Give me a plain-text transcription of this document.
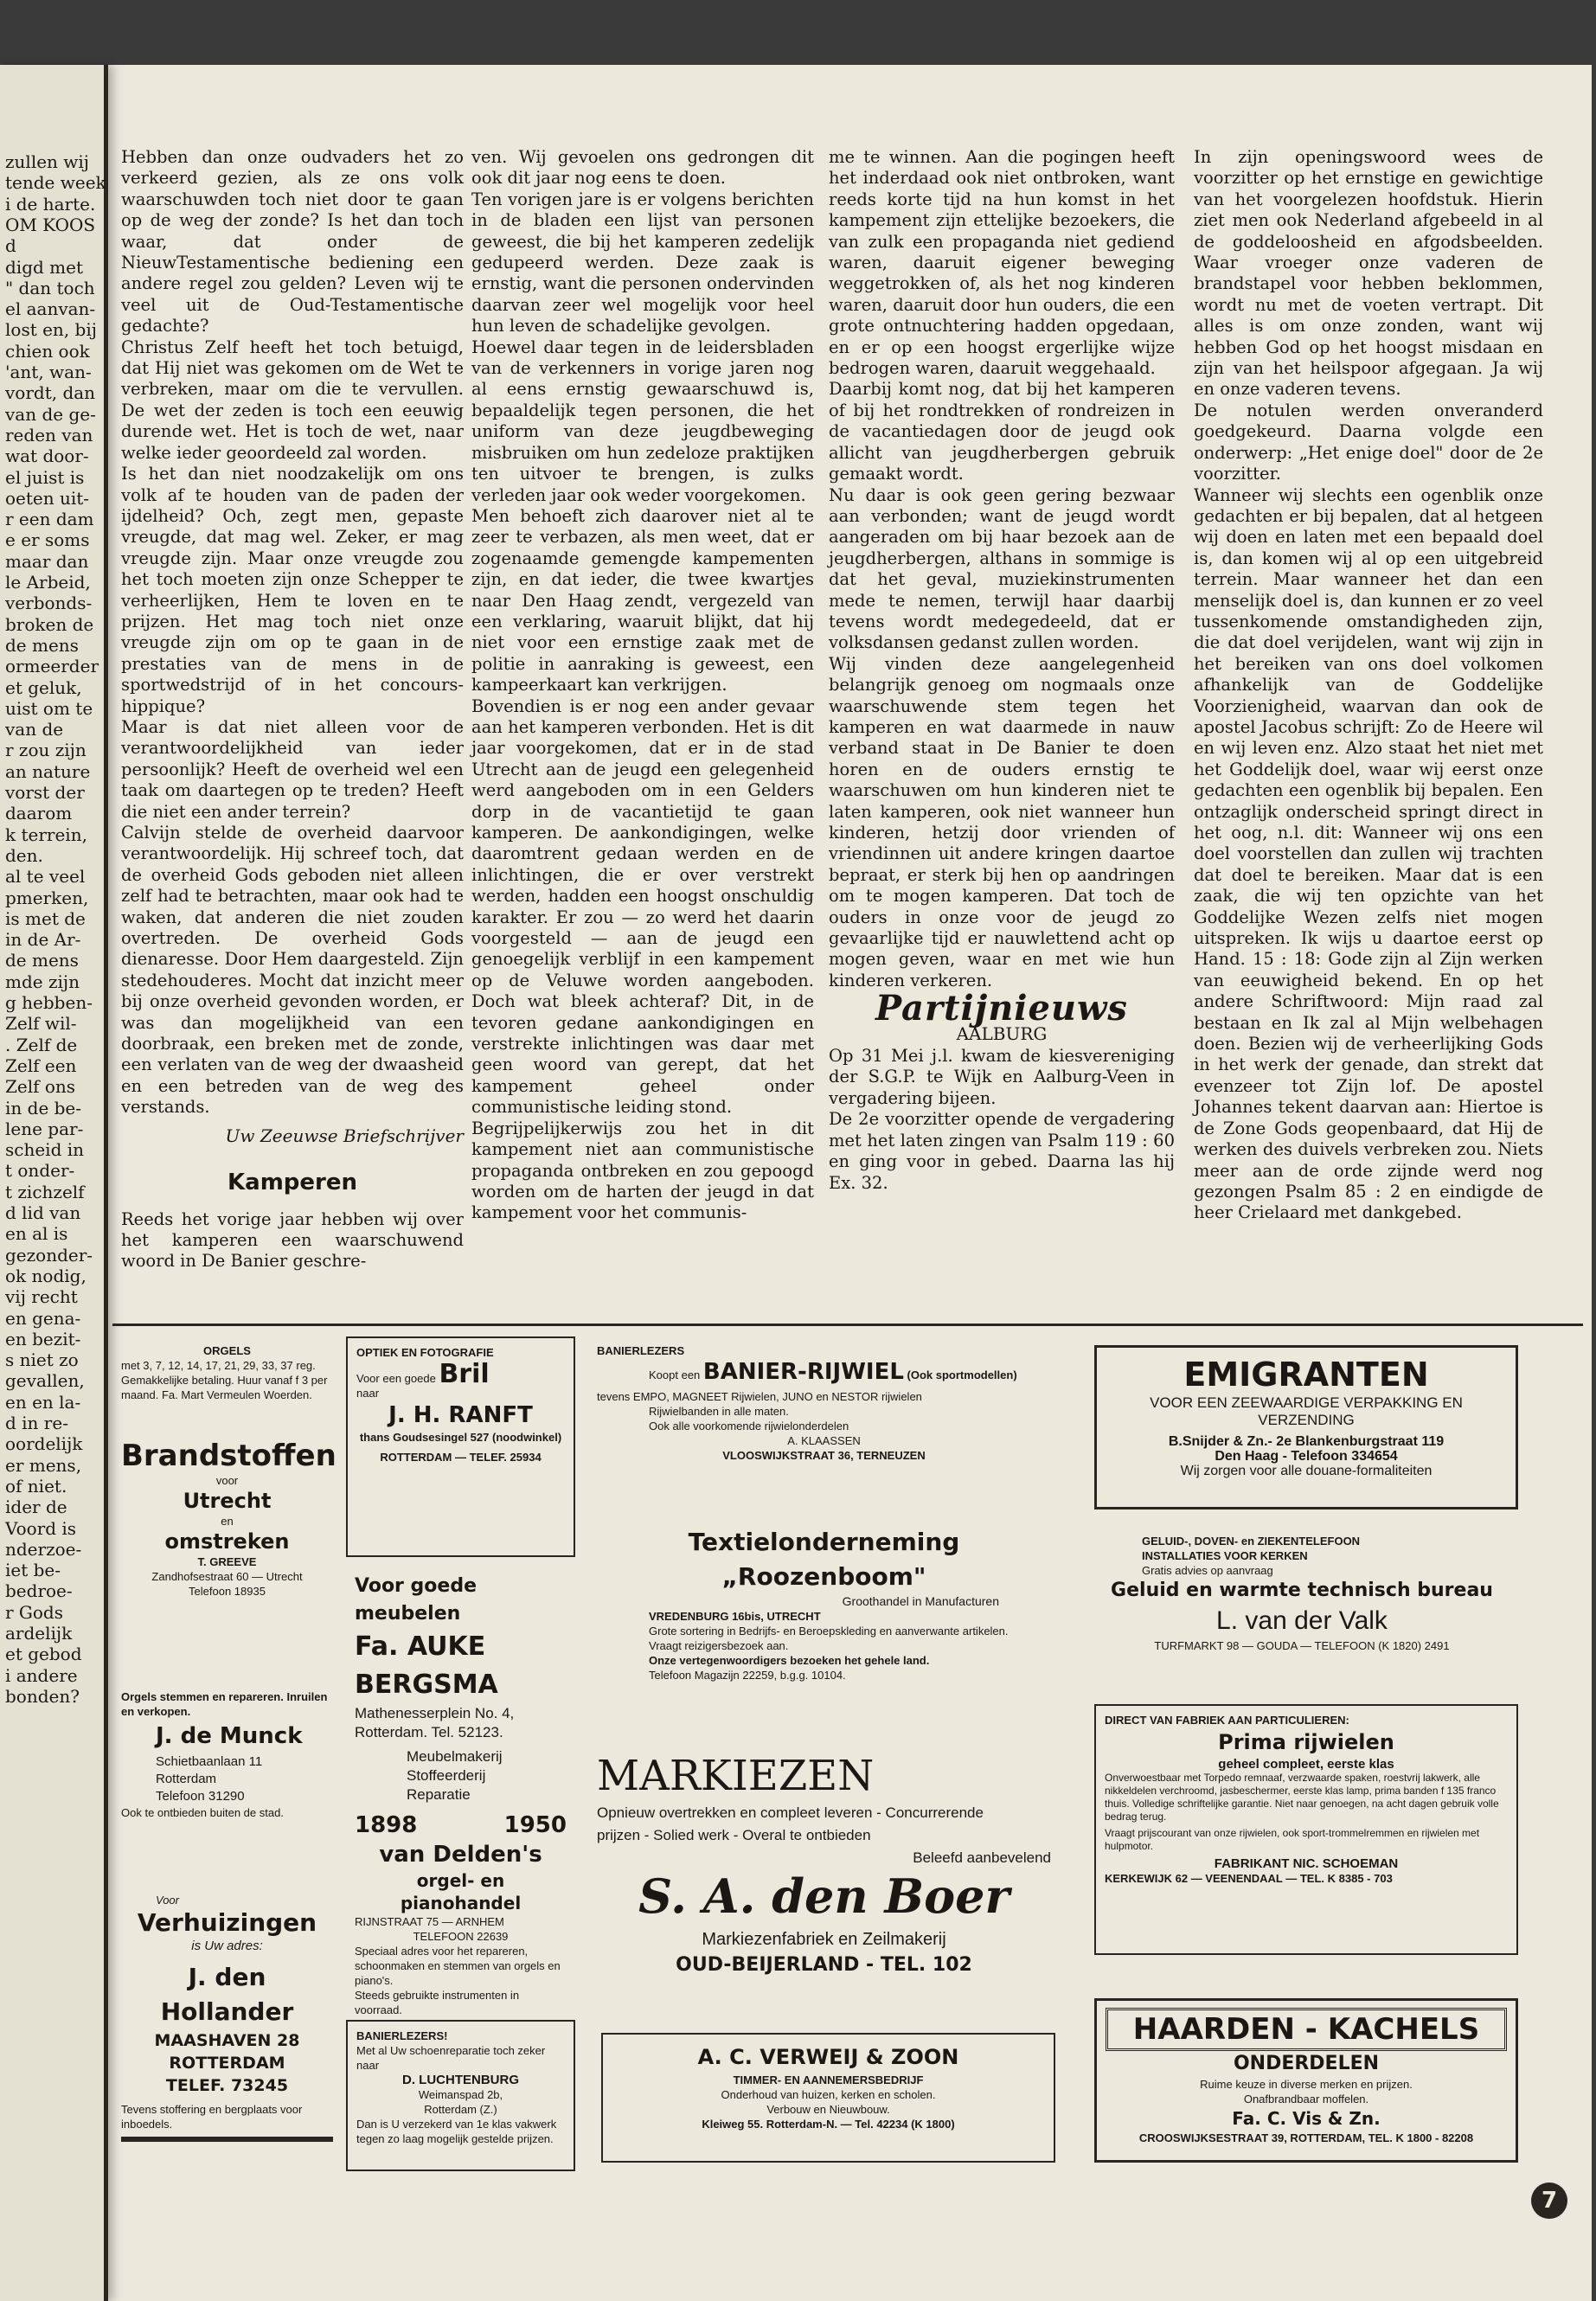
zullen wij
tende week
i de harte.
OM KOOS
d
digd met
" dan toch
el aanvan-
lost en, bij
chien ook
'ant, wan-
vordt, dan
van de ge-
reden van
wat door-
el juist is
oeten uit-
r een dam
e er soms
maar dan
le Arbeid,
verbonds-
broken de
de mens
ormeerder
et geluk,
uist om te
van de
r zou zijn
an nature
vorst der
daarom
k terrein,
den.
al te veel
pmerken,
is met de
in de Ar-
de mens
mde zijn
g hebben-
Zelf wil-
. Zelf de
Zelf een
Zelf ons
in de be-
lene par-
scheid in
t onder-
t zichzelf
d lid van
en al is
gezonder-
ok nodig,
vij recht
en gena-
en bezit-
s niet zo
gevallen,
en en la-
d in re-
oordelijk
er mens,
of niet.
ider de
Voord is
nderzoe-
iet be-
bedroe-
r Gods
ardelijk
et gebod
i andere
bonden?

Hebben dan onze oudvaders het zo verkeerd gezien, als ze ons volk waarschuwden toch niet door te gaan op de weg der zonde? Is het dan toch waar, dat onder de NieuwTestamentische bediening een andere regel zou gelden? Leven wij te veel uit de Oud-Testamentische gedachte?

Christus Zelf heeft het toch betuigd, dat Hij niet was gekomen om de Wet te verbreken, maar om die te vervullen. De wet der zeden is toch een eeuwig durende wet. Het is toch de wet, naar welke ieder geoordeeld zal worden.

Is het dan niet noodzakelijk om ons volk af te houden van de paden der ijdelheid? Och, zegt men, gepaste vreugde, dat mag wel. Zeker, er mag vreugde zijn. Maar onze vreugde zou het toch moeten zijn onze Schepper te verheerlijken, Hem te loven en te prijzen. Het mag toch niet onze vreugde zijn om op te gaan in de prestaties van de mens in de sportwedstrijd of in het concours-hippique?

Maar is dat niet alleen voor de verantwoordelijkheid van ieder persoonlijk? Heeft de overheid wel een taak om daartegen op te treden? Heeft die niet een ander terrein?

Calvijn stelde de overheid daarvoor verantwoordelijk. Hij schreef toch, dat de overheid Gods geboden niet alleen zelf had te betrachten, maar ook had te waken, dat anderen die niet zouden overtreden. De overheid Gods dienaresse. Door Hem daargesteld. Zijn stedehouderes. Mocht dat inzicht meer bij onze overheid gevonden worden, er was dan mogelijkheid van een doorbraak, een breken met de zonde, een verlaten van de weg der dwaasheid en een betreden van de weg des verstands.

Uw Zeeuwse Briefschrijver
Kamperen

Reeds het vorige jaar hebben wij over het kamperen een waarschuwend woord in De Banier geschre-

ven. Wij gevoelen ons gedrongen dit ook dit jaar nog eens te doen.

Ten vorigen jare is er volgens berichten in de bladen een lijst van personen geweest, die bij het kamperen zedelijk gedupeerd werden. Deze zaak is ernstig, want die personen ondervinden daarvan zeer wel mogelijk voor heel hun leven de schadelijke gevolgen.

Hoewel daar tegen in de leidersbladen van de verkenners in vorige jaren nog al eens ernstig gewaarschuwd is, bepaaldelijk tegen personen, die het uniform van deze jeugdbeweging misbruiken om hun zedeloze praktijken ten uitvoer te brengen, is zulks verleden jaar ook weder voorgekomen.

Men behoeft zich daarover niet al te zeer te verbazen, als men weet, dat er zogenaamde gemengde kampementen zijn, en dat ieder, die twee kwartjes naar Den Haag zendt, vergezeld van een verklaring, waaruit blijkt, dat hij niet voor een ernstige zaak met de politie in aanraking is geweest, een kampeerkaart kan verkrijgen.

Bovendien is er nog een ander gevaar aan het kamperen verbonden. Het is dit jaar voorgekomen, dat er in de stad Utrecht aan de jeugd een gelegenheid werd aangeboden om in een Gelders dorp in de vacantietijd te gaan kamperen. De aankondigingen, welke daaromtrent gedaan werden en de inlichtingen, die er over verstrekt werden, hadden een hoogst onschuldig karakter. Er zou — zo werd het daarin voorgesteld — aan de jeugd een genoegelijk verblijf in een kampement op de Veluwe worden aangeboden. Doch wat bleek achteraf? Dit, in de tevoren gedane aankondigingen en verstrekte inlichtingen was daar met geen woord van gerept, dat het kampement geheel onder communistische leiding stond.

Begrijpelijkerwijs zou het in dit kampement niet aan communistische propaganda ontbreken en zou gepoogd worden om de harten der jeugd in dat kampement voor het communis-

me te winnen. Aan die pogingen heeft het inderdaad ook niet ontbroken, want reeds korte tijd na hun komst in het kampement zijn ettelijke bezoekers, die van zulk een propaganda niet gediend waren, daaruit eigener beweging weggetrokken of, als het nog kinderen waren, daaruit door hun ouders, die een grote ontnuchtering hadden opgedaan, en er op een hoogst ergerlijke wijze bedrogen waren, daaruit weggehaald.

Daarbij komt nog, dat bij het kamperen of bij het rondtrekken of rondreizen in de vacantiedagen door de jeugd ook allicht van jeugdherbergen gebruik gemaakt wordt.

Nu daar is ook geen gering bezwaar aan verbonden; want de jeugd wordt aangeraden om bij haar bezoek aan de jeugdherbergen, althans in sommige is dat het geval, muziekinstrumenten mede te nemen, terwijl haar daarbij tevens wordt medegedeeld, dat er volksdansen gedanst zullen worden.

Wij vinden deze aangelegenheid belangrijk genoeg om nogmaals onze waarschuwende stem tegen het kamperen en wat daarmede in nauw verband staat in De Banier te doen horen en de ouders ernstig te waarschuwen om hun kinderen niet te laten kamperen, ook niet wanneer hun kinderen, hetzij door vrienden of vriendinnen uit andere kringen daartoe bepraat, er sterk bij hen op aandringen om te mogen kamperen. Dat toch de ouders in onze voor de jeugd zo gevaarlijke tijd er nauwlettend acht op mogen geven, waar en met wie hun kinderen verkeren.

Partijnieuws
AALBURG

Op 31 Mei j.l. kwam de kiesvereniging der S.G.P. te Wijk en Aalburg-Veen in vergadering bijeen.

De 2e voorzitter opende de vergadering met het laten zingen van Psalm 119 : 60 en ging voor in gebed. Daarna las hij Ex. 32.

In zijn openingswoord wees de voorzitter op het ernstige en gewichtige van het voorgelezen hoofdstuk. Hierin ziet men ook Nederland afgebeeld in al de goddeloosheid en afgodsbeelden. Waar vroeger onze vaderen de brandstapel voor hebben beklommen, wordt nu met de voeten vertrapt. Dit alles is om onze zonden, want wij hebben God op het hoogst misdaan en zijn van het heilspoor afgegaan. Ja wij en onze vaderen tevens.

De notulen werden onveranderd goedgekeurd. Daarna volgde een onderwerp: „Het enige doel" door de 2e voorzitter.

Wanneer wij slechts een ogenblik onze gedachten er bij bepalen, dat al hetgeen wij doen en laten met een bepaald doel is, dan komen wij al op een uitgebreid terrein. Maar wanneer het dan een menselijk doel is, dan kunnen er zo veel tussenkomende omstandigheden zijn, die dat doel verijdelen, want wij zijn in het bereiken van ons doel volkomen afhankelijk van de Goddelijke Voorzienigheid, waarvan dan ook de apostel Jacobus schrijft: Zo de Heere wil en wij leven enz. Alzo staat het niet met het Goddelijk doel, waar wij eerst onze gedachten een ogenblik bij bepalen. Een ontzaglijk onderscheid springt direct in het oog, n.l. dit: Wanneer wij ons een doel voorstellen dan zullen wij trachten dat doel te bereiken. Maar dat is een zaak, die wij ten opzichte van het Goddelijke Wezen zelfs niet mogen uitspreken. Ik wijs u daartoe eerst op Hand. 15 : 18: Gode zijn al Zijn werken van eeuwigheid bekend. En op het andere Schriftwoord: Mijn raad zal bestaan en Ik zal al Mijn welbehagen doen. Bezien wij de verheerlijking Gods in het werk der genade, dan strekt dat evenzeer tot Zijn lof. De apostel Johannes tekent daarvan aan: Hiertoe is de Zone Gods geopenbaard, dat Hij de werken des duivels verbreken zou. Niets meer aan de orde zijnde werd nog gezongen Psalm 85 : 2 en eindigde de heer Crielaard met dankgebed.

ORGELS
met 3, 7, 12, 14, 17, 21, 29, 33, 37 reg. Gemakkelijke betaling. Huur vanaf f 3 per maand. Fa. Mart Vermeulen Woerden.
Brandstoffen
voor
Utrecht
en
omstreken
T. GREEVE
Zandhofsestraat 60 — Utrecht
Telefoon 18935
Orgels stemmen en repareren. Inruilen en verkopen.
J. de Munck
Schietbaanlaan 11
Rotterdam
Telefoon 31290
Ook te ontbieden buiten de stad.
Voor
Verhuizingen
is Uw adres:
J. den Hollander
MAASHAVEN 28
ROTTERDAM
TELEF. 73245
Tevens stoffering en bergplaats voor inboedels.
OPTIEK EN FOTOGRAFIE
Voor een goede Bril
naar
J. H. RANFT
thans Goudsesingel 527 (noodwinkel)
ROTTERDAM — TELEF. 25934
Voor goede meubelen
Fa. AUKE BERGSMA
Mathenesserplein No. 4, Rotterdam. Tel. 52123.
Meubelmakerij
Stoffeerderij
Reparatie
1898	1950
van Delden's
orgel- en pianohandel
RIJNSTRAAT 75 — ARNHEM
TELEFOON 22639
Speciaal adres voor het repareren, schoonmaken en stemmen van orgels en piano's.
Steeds gebruikte instrumenten in voorraad.
BANIERLEZERS!
Met al Uw schoenreparatie toch zeker naar
D. LUCHTENBURG
Weimanspad 2b,
Rotterdam (Z.)
Dan is U verzekerd van 1e klas vakwerk tegen zo laag mogelijk gestelde prijzen.
BANIERLEZERS
Koopt een BANIER-RIJWIEL (Ook sportmodellen)
tevens EMPO, MAGNEET Rijwielen, JUNO en NESTOR rijwielen
Rijwielbanden in alle maten.
Ook alle voorkomende rijwielonderdelen
A. KLAASSEN
VLOOSWIJKSTRAAT 36, TERNEUZEN
Textielonderneming „Roozenboom"
Groothandel in Manufacturen
VREDENBURG 16bis, UTRECHT
Grote sortering in Bedrijfs- en Beroepskleding en aanverwante artikelen.
Vraagt reizigersbezoek aan.
Onze vertegenwoordigers bezoeken het gehele land.
Telefoon Magazijn 22259, b.g.g. 10104.
MARKIEZEN
Opnieuw overtrekken en compleet leveren - Concurrerende
prijzen - Solied werk - Overal te ontbieden
Beleefd aanbevelend
S. A. den Boer
Markiezenfabriek en Zeilmakerij
OUD-BEIJERLAND - TEL. 102
A. C. VERWEIJ & ZOON
TIMMER- EN AANNEMERSBEDRIJF
Onderhoud van huizen, kerken en scholen.
Verbouw en Nieuwbouw.
Kleiweg 55. Rotterdam-N. — Tel. 42234 (K 1800)
EMIGRANTEN
VOOR EEN ZEEWAARDIGE VERPAKKING EN VERZENDING
B.Snijder & Zn.- 2e Blankenburgstraat 119
Den Haag - Telefoon 334654
Wij zorgen voor alle douane-formaliteiten
GELUID-, DOVEN- en ZIEKENTELEFOON
INSTALLATIES VOOR KERKEN
Gratis advies op aanvraag
Geluid en warmte technisch bureau
L. van der Valk
TURFMARKT 98 — GOUDA — TELEFOON (K 1820) 2491
DIRECT VAN FABRIEK AAN PARTICULIEREN:
Prima rijwielen
geheel compleet, eerste klas
Onverwoestbaar met Torpedo remnaaf, verzwaarde spaken, roestvrij lakwerk, alle nikkeldelen verchroomd, jasbeschermer, eerste klas lamp, prima banden f 135 franco thuis. Volledige schriftelijke garantie. Niet naar genoegen, na acht dagen gebruik volle bedrag terug.
Vraagt prijscourant van onze rijwielen, ook sport-trommelremmen en rijwielen met hulpmotor.
FABRIKANT NIC. SCHOEMAN
KERKEWIJK 62 — VEENENDAAL — TEL. K 8385 - 703
HAARDEN - KACHELS
ONDERDELEN
Ruime keuze in diverse merken en prijzen.
Onafbrandbaar moffelen.
Fa. C. Vis & Zn.
CROOSWIJKSESTRAAT 39, ROTTERDAM, TEL. K 1800 - 82208
7
